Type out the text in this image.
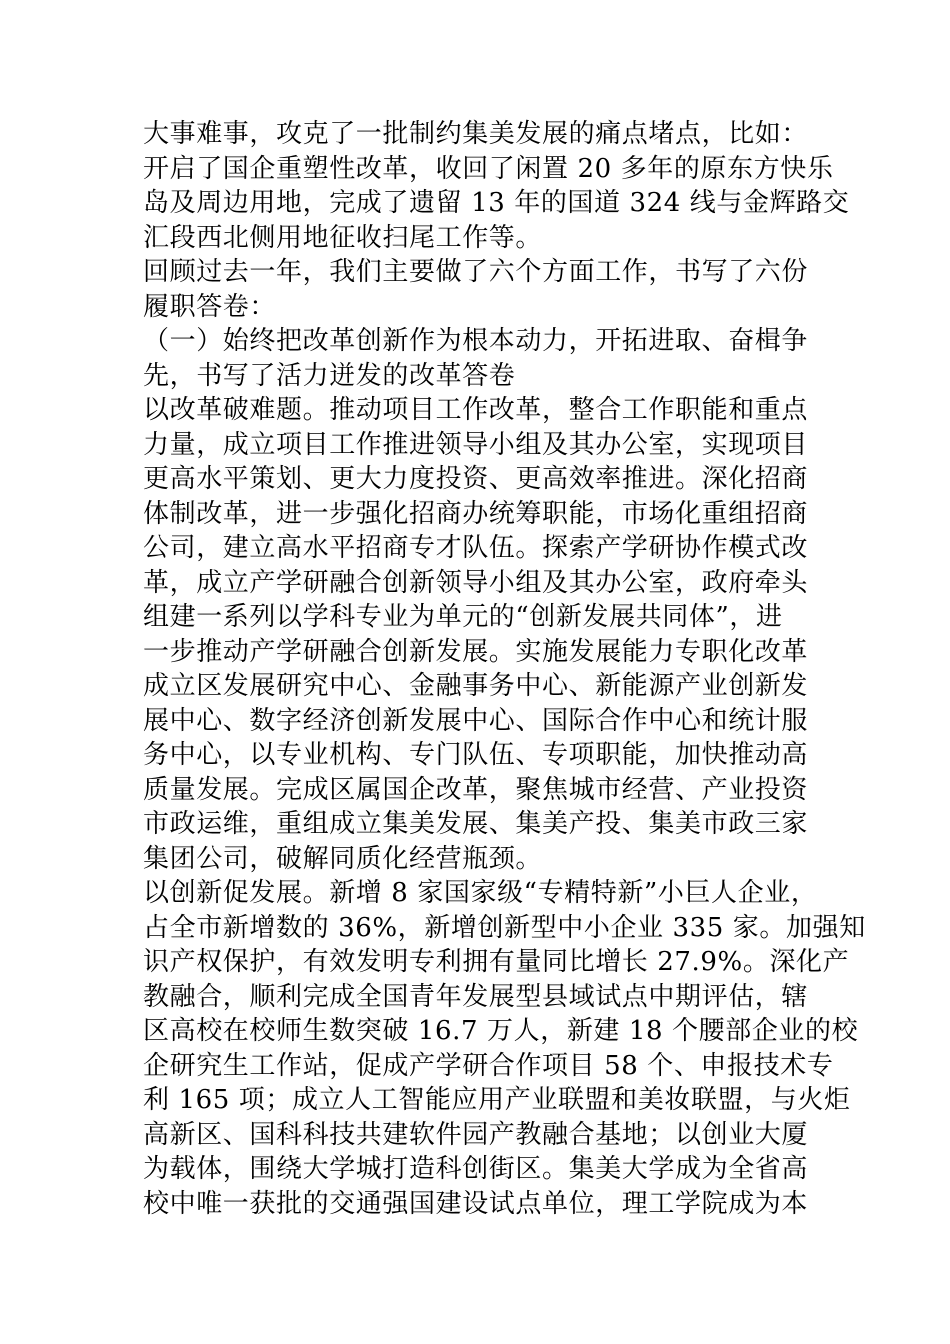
大事难事，攻克了一批制约集美发展的痛点堵点，比如：
开启了国企重塑性改革，收回了闲置 20 多年的原东方快乐
岛及周边用地，完成了遗留 13 年的国道 324 线与金辉路交
汇段西北侧用地征收扫尾工作等。
回顾过去一年，我们主要做了六个方面工作，书写了六份
履职答卷：
（一）始终把改革创新作为根本动力，开拓进取、奋楫争
先，书写了活力迸发的改革答卷
以改革破难题。推动项目工作改革，整合工作职能和重点
力量，成立项目工作推进领导小组及其办公室，实现项目
更高水平策划、更大力度投资、更高效率推进。深化招商
体制改革，进一步强化招商办统筹职能，市场化重组招商
公司，建立高水平招商专才队伍。探索产学研协作模式改
革，成立产学研融合创新领导小组及其办公室，政府牵头
组建一系列以学科专业为单元的“创新发展共同体”，进
一步推动产学研融合创新发展。实施发展能力专职化改革
成立区发展研究中心、金融事务中心、新能源产业创新发
展中心、数字经济创新发展中心、国际合作中心和统计服
务中心，以专业机构、专门队伍、专项职能，加快推动高
质量发展。完成区属国企改革，聚焦城市经营、产业投资
市政运维，重组成立集美发展、集美产投、集美市政三家
集团公司，破解同质化经营瓶颈。
以创新促发展。新增 8 家国家级“专精特新”小巨人企业，
占全市新增数的 36%，新增创新型中小企业 335 家。加强知
识产权保护，有效发明专利拥有量同比增长 27.9%。深化产
教融合，顺利完成全国青年发展型县域试点中期评估，辖
区高校在校师生数突破 16.7 万人，新建 18 个腰部企业的校
企研究生工作站，促成产学研合作项目 58 个、申报技术专
利 165 项；成立人工智能应用产业联盟和美妆联盟，与火炬
高新区、国科科技共建软件园产教融合基地；以创业大厦
为载体，围绕大学城打造科创街区。集美大学成为全省高
校中唯一获批的交通强国建设试点单位，理工学院成为本
